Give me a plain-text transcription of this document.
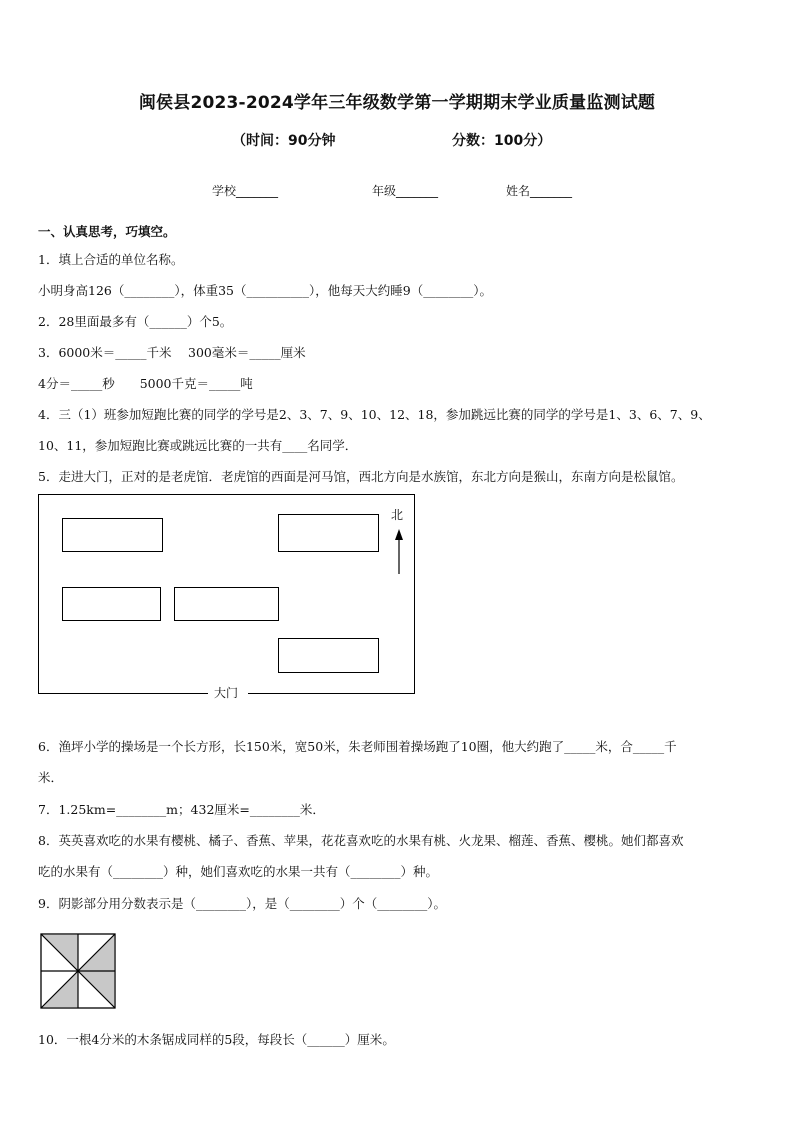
闽侯县2023-2024学年三年级数学第一学期期末学业质量监测试题
（时间：90分钟	分数：100分）
学校_______	年级_______	姓名_______
一、认真思考，巧填空。
1．填上合适的单位名称。
小明身高126（________），体重35（__________），他每天大约睡9（________）。
2．28里面最多有（______）个5。
3．6000米＝_____千米　 300毫米＝_____厘米
4分＝_____秒　　5000千克＝_____吨
4．三（1）班参加短跑比赛的同学的学号是2、3、7、9、10、12、18，参加跳远比赛的同学的学号是1、3、6、7、9、
10、11，参加短跑比赛或跳远比赛的一共有____名同学．
5．走进大门，正对的是老虎馆．老虎馆的西面是河马馆，西北方向是水族馆，东北方向是猴山，东南方向是松鼠馆。
大门
北
6．渔坪小学的操场是一个长方形，长150米，宽50米，朱老师围着操场跑了10圈，他大约跑了_____米，合_____千
米．
7．1.25km=________m；432厘米=________米．
8．英英喜欢吃的水果有樱桃、橘子、香蕉、苹果，花花喜欢吃的水果有桃、火龙果、榴莲、香蕉、樱桃。她们都喜欢
吃的水果有（________）种，她们喜欢吃的水果一共有（________）种。
9．阴影部分用分数表示是（________），是（________）个（________）。
10．一根4分米的木条锯成同样的5段，每段长（______）厘米。
